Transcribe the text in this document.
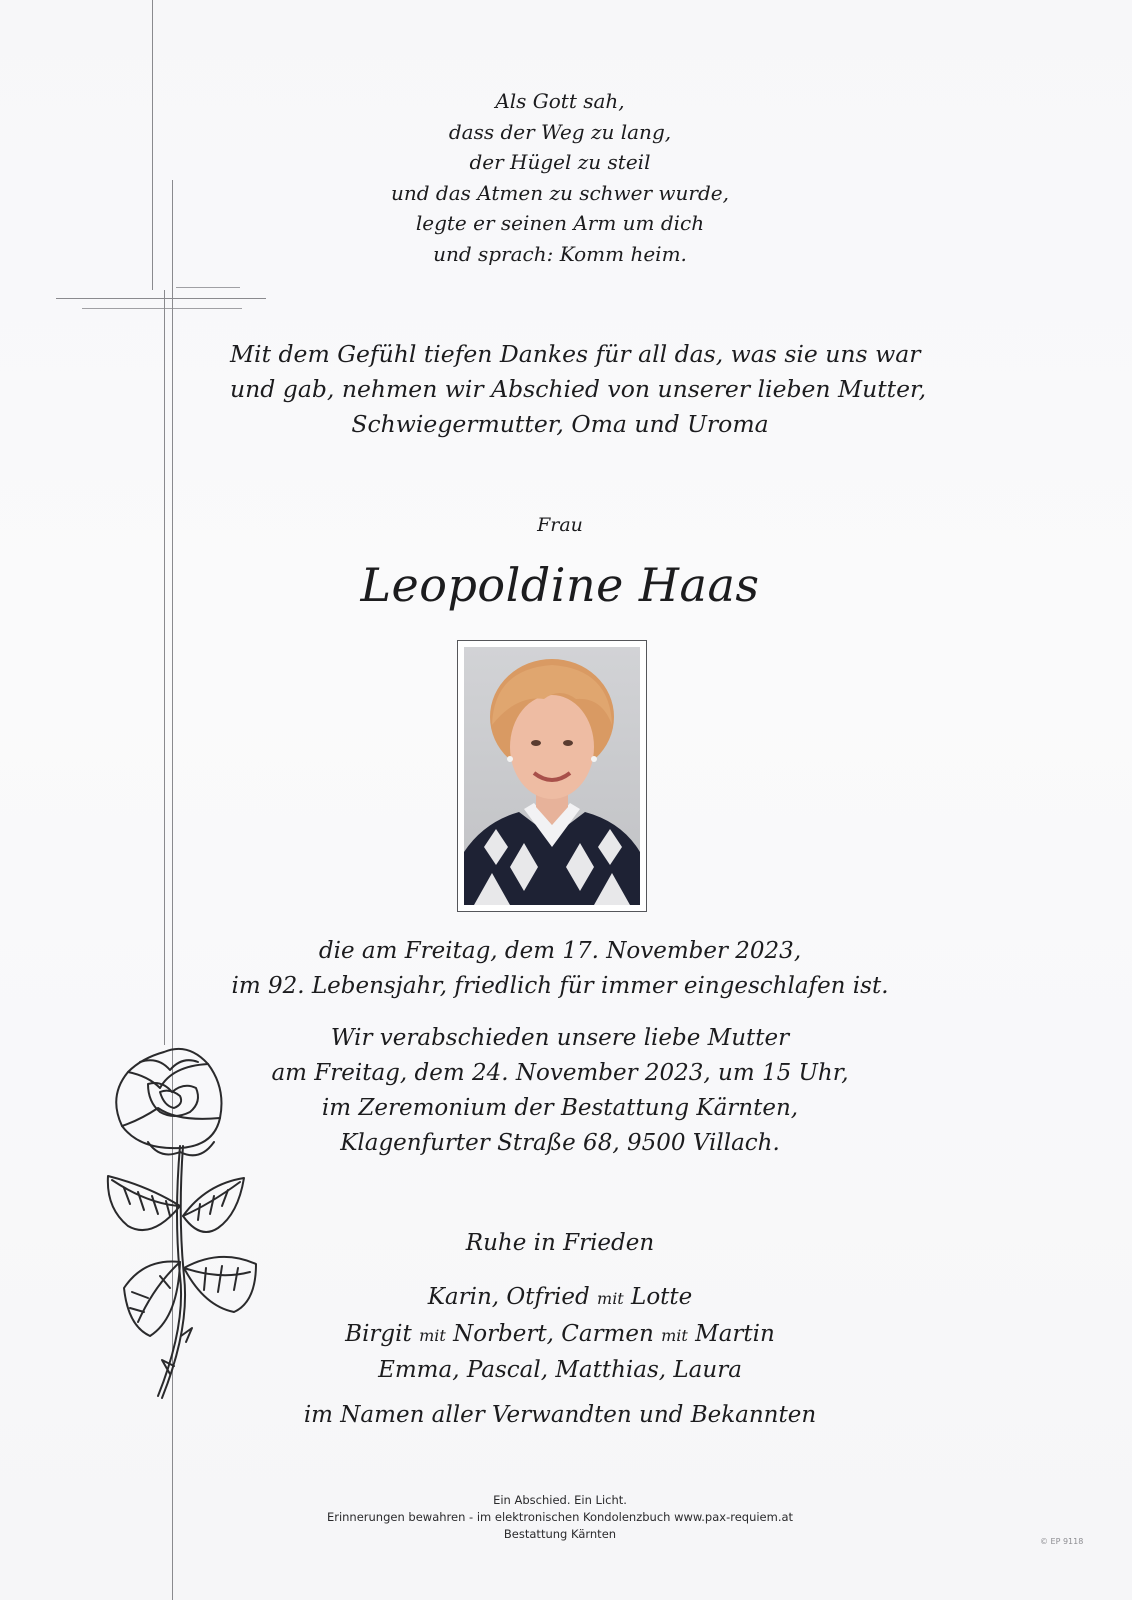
Als Gott sah,
dass der Weg zu lang,
der Hügel zu steil
und das Atmen zu schwer wurde,
legte er seinen Arm um dich
und sprach: Komm heim.
Mit dem Gefühl tiefen Dankes für all das, was sie uns war
und gab, nehmen wir Abschied von unserer lieben Mutter,
Schwiegermutter, Oma und Uroma
Frau
Leopoldine Haas
die am Freitag, dem 17. November 2023,
im 92. Lebensjahr, friedlich für immer eingeschlafen ist.
Wir verabschieden unsere liebe Mutter
am Freitag, dem 24. November 2023, um 15 Uhr,
im Zeremonium der Bestattung Kärnten,
Klagenfurter Straße 68, 9500 Villach.
Ruhe in Frieden
Karin, Otfried mit Lotte
Birgit mit Norbert, Carmen mit Martin
Emma, Pascal, Matthias, Laura
im Namen aller Verwandten und Bekannten
Ein Abschied. Ein Licht.
Erinnerungen bewahren - im elektronischen Kondolenzbuch www.pax-requiem.at
Bestattung Kärnten
© EP 9118
